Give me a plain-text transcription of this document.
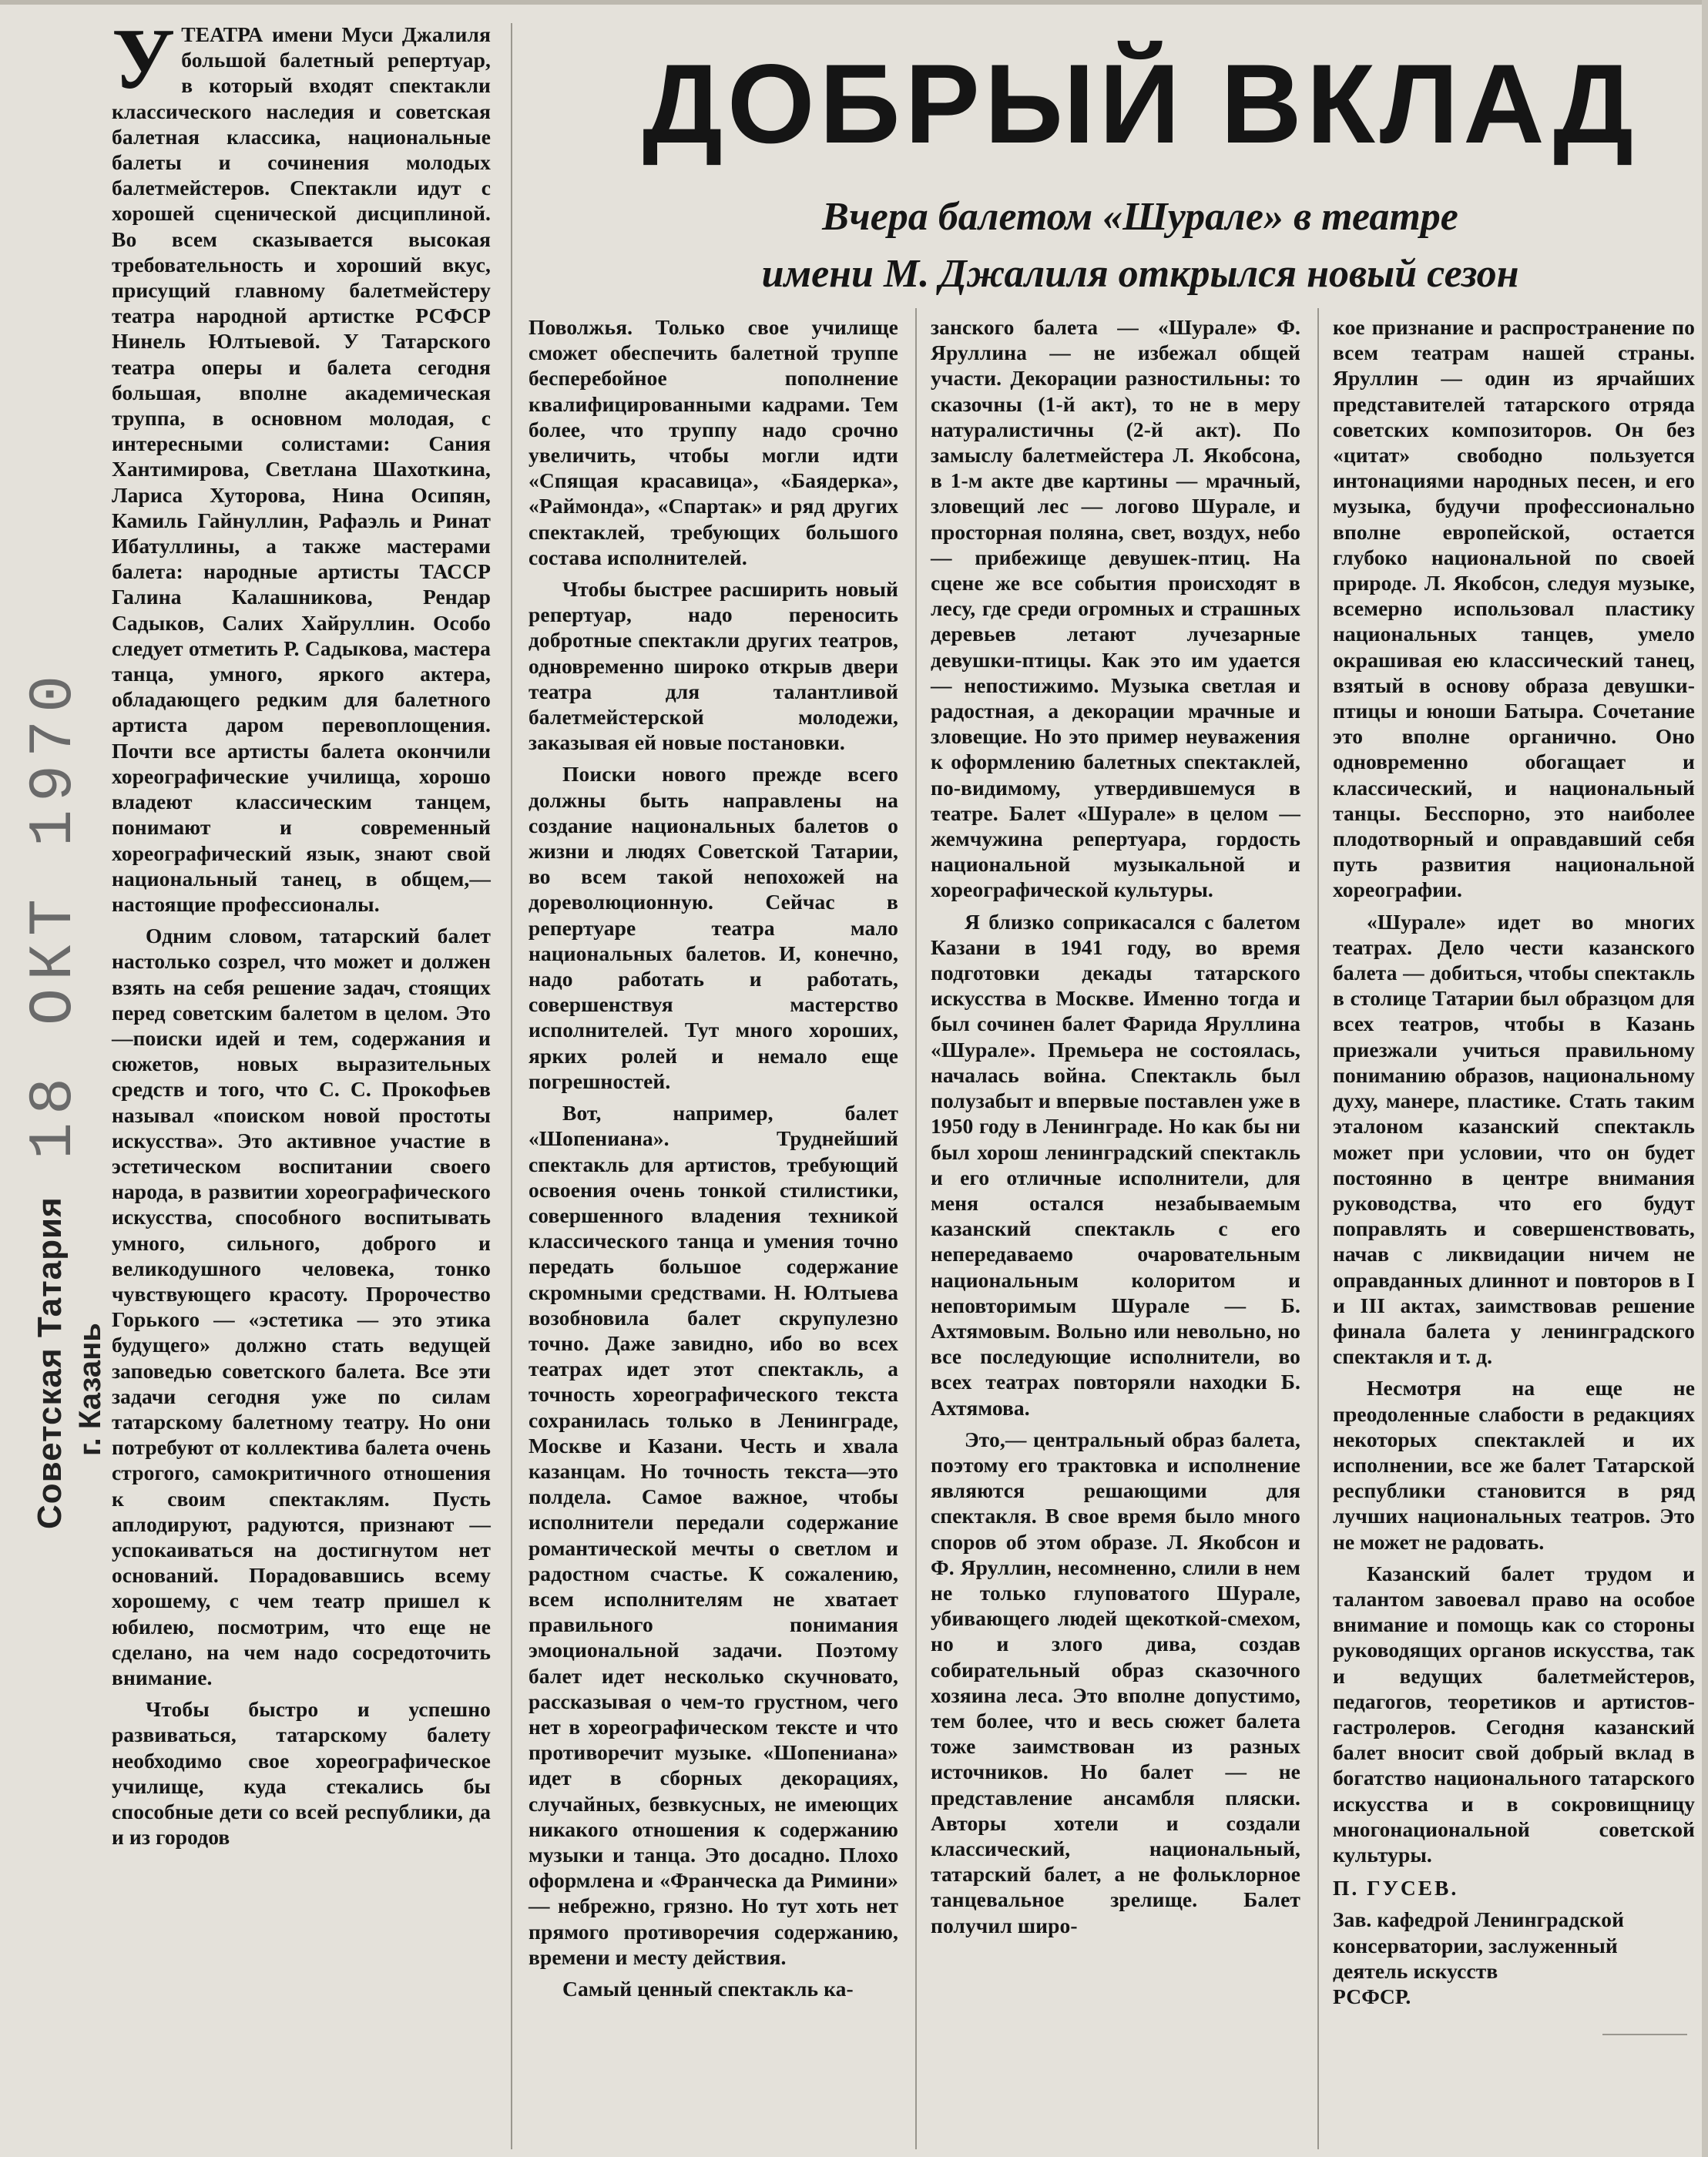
18 ОКТ 1970
Советская Татария г. Казань
ДОБРЫЙ ВКЛАД
Вчера балетом «Шурале» в театре
имени М. Джалиля открылся новый сезон

УТЕАТРА имени Муси Джалиля большой балетный репертуар, в который входят спектакли классического наследия и советская балетная классика, национальные балеты и сочинения молодых балетмейстеров. Спектакли идут с хорошей сценической дисциплиной. Во всем сказывается высокая требовательность и хороший вкус, присущий главному балетмейстеру театра народной артистке РСФСР Нинель Юлтыевой. У Татарского театра оперы и балета сегодня большая, вполне академическая труппа, в основном молодая, с интересными солистами: Сания Хантимирова, Светлана Шахоткина, Лариса Хуторова, Нина Осипян, Камиль Гайнуллин, Рафаэль и Ринат Ибатуллины, а также мастерами балета: народные артисты ТАССР Галина Калашникова, Рендар Садыков, Салих Хайруллин. Особо следует отметить Р. Садыкова, мастера танца, умного, яркого актера, обладающего редким для балетного артиста даром перевоплощения. Почти все артисты балета окончили хореографические училища, хорошо владеют классическим танцем, понимают и современный хореографический язык, знают свой национальный танец, в общем,— настоящие профессионалы.

Одним словом, татарский балет настолько созрел, что может и должен взять на себя решение задач, стоящих перед советским балетом в целом. Это—поиски идей и тем, содержания и сюжетов, новых выразительных средств и того, что С. С. Прокофьев называл «поиском новой простоты искусства». Это активное участие в эстетическом воспитании своего народа, в развитии хореографического искусства, способного воспитывать умного, сильного, доброго и великодушного человека, тонко чувствующего красоту. Пророчество Горького — «эстетика — это этика будущего» должно стать ведущей заповедью советского балета. Все эти задачи сегодня уже по силам татарскому балетному театру. Но они потребуют от коллектива балета очень строгого, самокритичного отношения к своим спектаклям. Пусть аплодируют, радуются, признают — успокаиваться на достигнутом нет оснований. Порадовавшись всему хорошему, с чем театр пришел к юбилею, посмотрим, что еще не сделано, на чем надо сосредоточить внимание.

Чтобы быстро и успешно развиваться, татарскому балету необходимо свое хореографическое училище, куда стекались бы способные дети со всей республики, да и из городов

Поволжья. Только свое училище сможет обеспечить балетной труппе бесперебойное пополнение квалифицированными кадрами. Тем более, что труппу надо срочно увеличить, чтобы могли идти «Спящая красавица», «Баядерка», «Раймонда», «Спартак» и ряд других спектаклей, требующих большого состава исполнителей.

Чтобы быстрее расширить новый репертуар, надо переносить добротные спектакли других театров, одновременно широко открыв двери театра для талантливой балетмейстерской молодежи, заказывая ей новые постановки.

Поиски нового прежде всего должны быть направлены на создание национальных балетов о жизни и людях Советской Татарии, во всем такой непохожей на дореволюционную. Сейчас в репертуаре театра мало национальных балетов. И, конечно, надо работать и работать, совершенствуя мастерство исполнителей. Тут много хороших, ярких ролей и немало еще погрешностей.

Вот, например, балет «Шопениана». Труднейший спектакль для артистов, требующий освоения очень тонкой стилистики, совершенного владения техникой классического танца и умения точно передать большое содержание скромными средствами. Н. Юлтыева возобновила балет скрупулезно точно. Даже завидно, ибо во всех театрах идет этот спектакль, а точность хореографического текста сохранилась только в Ленинграде, Москве и Казани. Честь и хвала казанцам. Но точность текста—это полдела. Самое важное, чтобы исполнители передали содержание романтической мечты о светлом и радостном счастье. К сожалению, всем исполнителям не хватает правильного понимания эмоциональной задачи. Поэтому балет идет несколько скучновато, рассказывая о чем-то грустном, чего нет в хореографическом тексте и что противоречит музыке. «Шопениана» идет в сборных декорациях, случайных, безвкусных, не имеющих никакого отношения к содержанию музыки и танца. Это досадно. Плохо оформлена и «Франческа да Римини» — небрежно, грязно. Но тут хоть нет прямого противоречия содержанию, времени и месту действия.

Самый ценный спектакль ка-

занского балета — «Шурале» Ф. Яруллина — не избежал общей участи. Декорации разностильны: то сказочны (1-й акт), то не в меру натуралистичны (2-й акт). По замыслу балетмейстера Л. Якобсона, в 1-м акте две картины — мрачный, зловещий лес — логово Шурале, и просторная поляна, свет, воздух, небо — прибежище девушек-птиц. На сцене же все события происходят в лесу, где среди огромных и страшных деревьев летают лучезарные девушки-птицы. Как это им удается — непостижимо. Музыка светлая и радостная, а декорации мрачные и зловещие. Но это пример неуважения к оформлению балетных спектаклей, по-видимому, утвердившемуся в театре. Балет «Шурале» в целом — жемчужина репертуара, гордость национальной музыкальной и хореографической культуры.

Я близко соприкасался с балетом Казани в 1941 году, во время подготовки декады татарского искусства в Москве. Именно тогда и был сочинен балет Фарида Яруллина «Шурале». Премьера не состоялась, началась война. Спектакль был полузабыт и впервые поставлен уже в 1950 году в Ленинграде. Но как бы ни был хорош ленинградский спектакль и его отличные исполнители, для меня остался незабываемым казанский спектакль с его непередаваемо очаровательным национальным колоритом и неповторимым Шурале — Б. Ахтямовым. Вольно или невольно, но все последующие исполнители, во всех театрах повторяли находки Б. Ахтямова.

Это,— центральный образ балета, поэтому его трактовка и исполнение являются решающими для спектакля. В свое время было много споров об этом образе. Л. Якобсон и Ф. Яруллин, несомненно, слили в нем не только глуповатого Шурале, убивающего людей щекоткой-смехом, но и злого дива, создав собирательный образ сказочного хозяина леса. Это вполне допустимо, тем более, что и весь сюжет балета тоже заимствован из разных источников. Но балет — не представление ансамбля пляски. Авторы хотели и создали классический, национальный, татарский балет, а не фольклорное танцевальное зрелище. Балет получил широ-

кое признание и распространение по всем театрам нашей страны. Яруллин — один из ярчайших представителей татарского отряда советских композиторов. Он без «цитат» свободно пользуется интонациями народных песен, и его музыка, будучи профессионально вполне европейской, остается глубоко национальной по своей природе. Л. Якобсон, следуя музыке, всемерно использовал пластику национальных танцев, умело окрашивая ею классический танец, взятый в основу образа девушки-птицы и юноши Батыра. Сочетание это вполне органично. Оно одновременно обогащает и классический, и национальный танцы. Бесспорно, это наиболее плодотворный и оправдавший себя путь развития национальной хореографии.

«Шурале» идет во многих театрах. Дело чести казанского балета — добиться, чтобы спектакль в столице Татарии был образцом для всех театров, чтобы в Казань приезжали учиться правильному пониманию образов, национальному духу, манере, пластике. Стать таким эталоном казанский спектакль может при условии, что он будет постоянно в центре внимания руководства, что его будут поправлять и совершенствовать, начав с ликвидации ничем не оправданных длиннот и повторов в I и III актах, заимствовав решение финала балета у ленинградского спектакля и т. д.

Несмотря на еще не преодоленные слабости в редакциях некоторых спектаклей и их исполнении, все же балет Татарской республики становится в ряд лучших национальных театров. Это не может не радовать.

Казанский балет трудом и талантом завоевал право на особое внимание и помощь как со стороны руководящих органов искусства, так и ведущих балетмейстеров, педагогов, теоретиков и артистов-гастролеров. Сегодня казанский балет вносит свой добрый вклад в богатство национального татарского искусства и в сокровищницу многонациональной советской культуры.

П. ГУСЕВ.

Зав. кафедрой Ленинградской консерватории, заслуженный деятель искусств
РСФСР.
